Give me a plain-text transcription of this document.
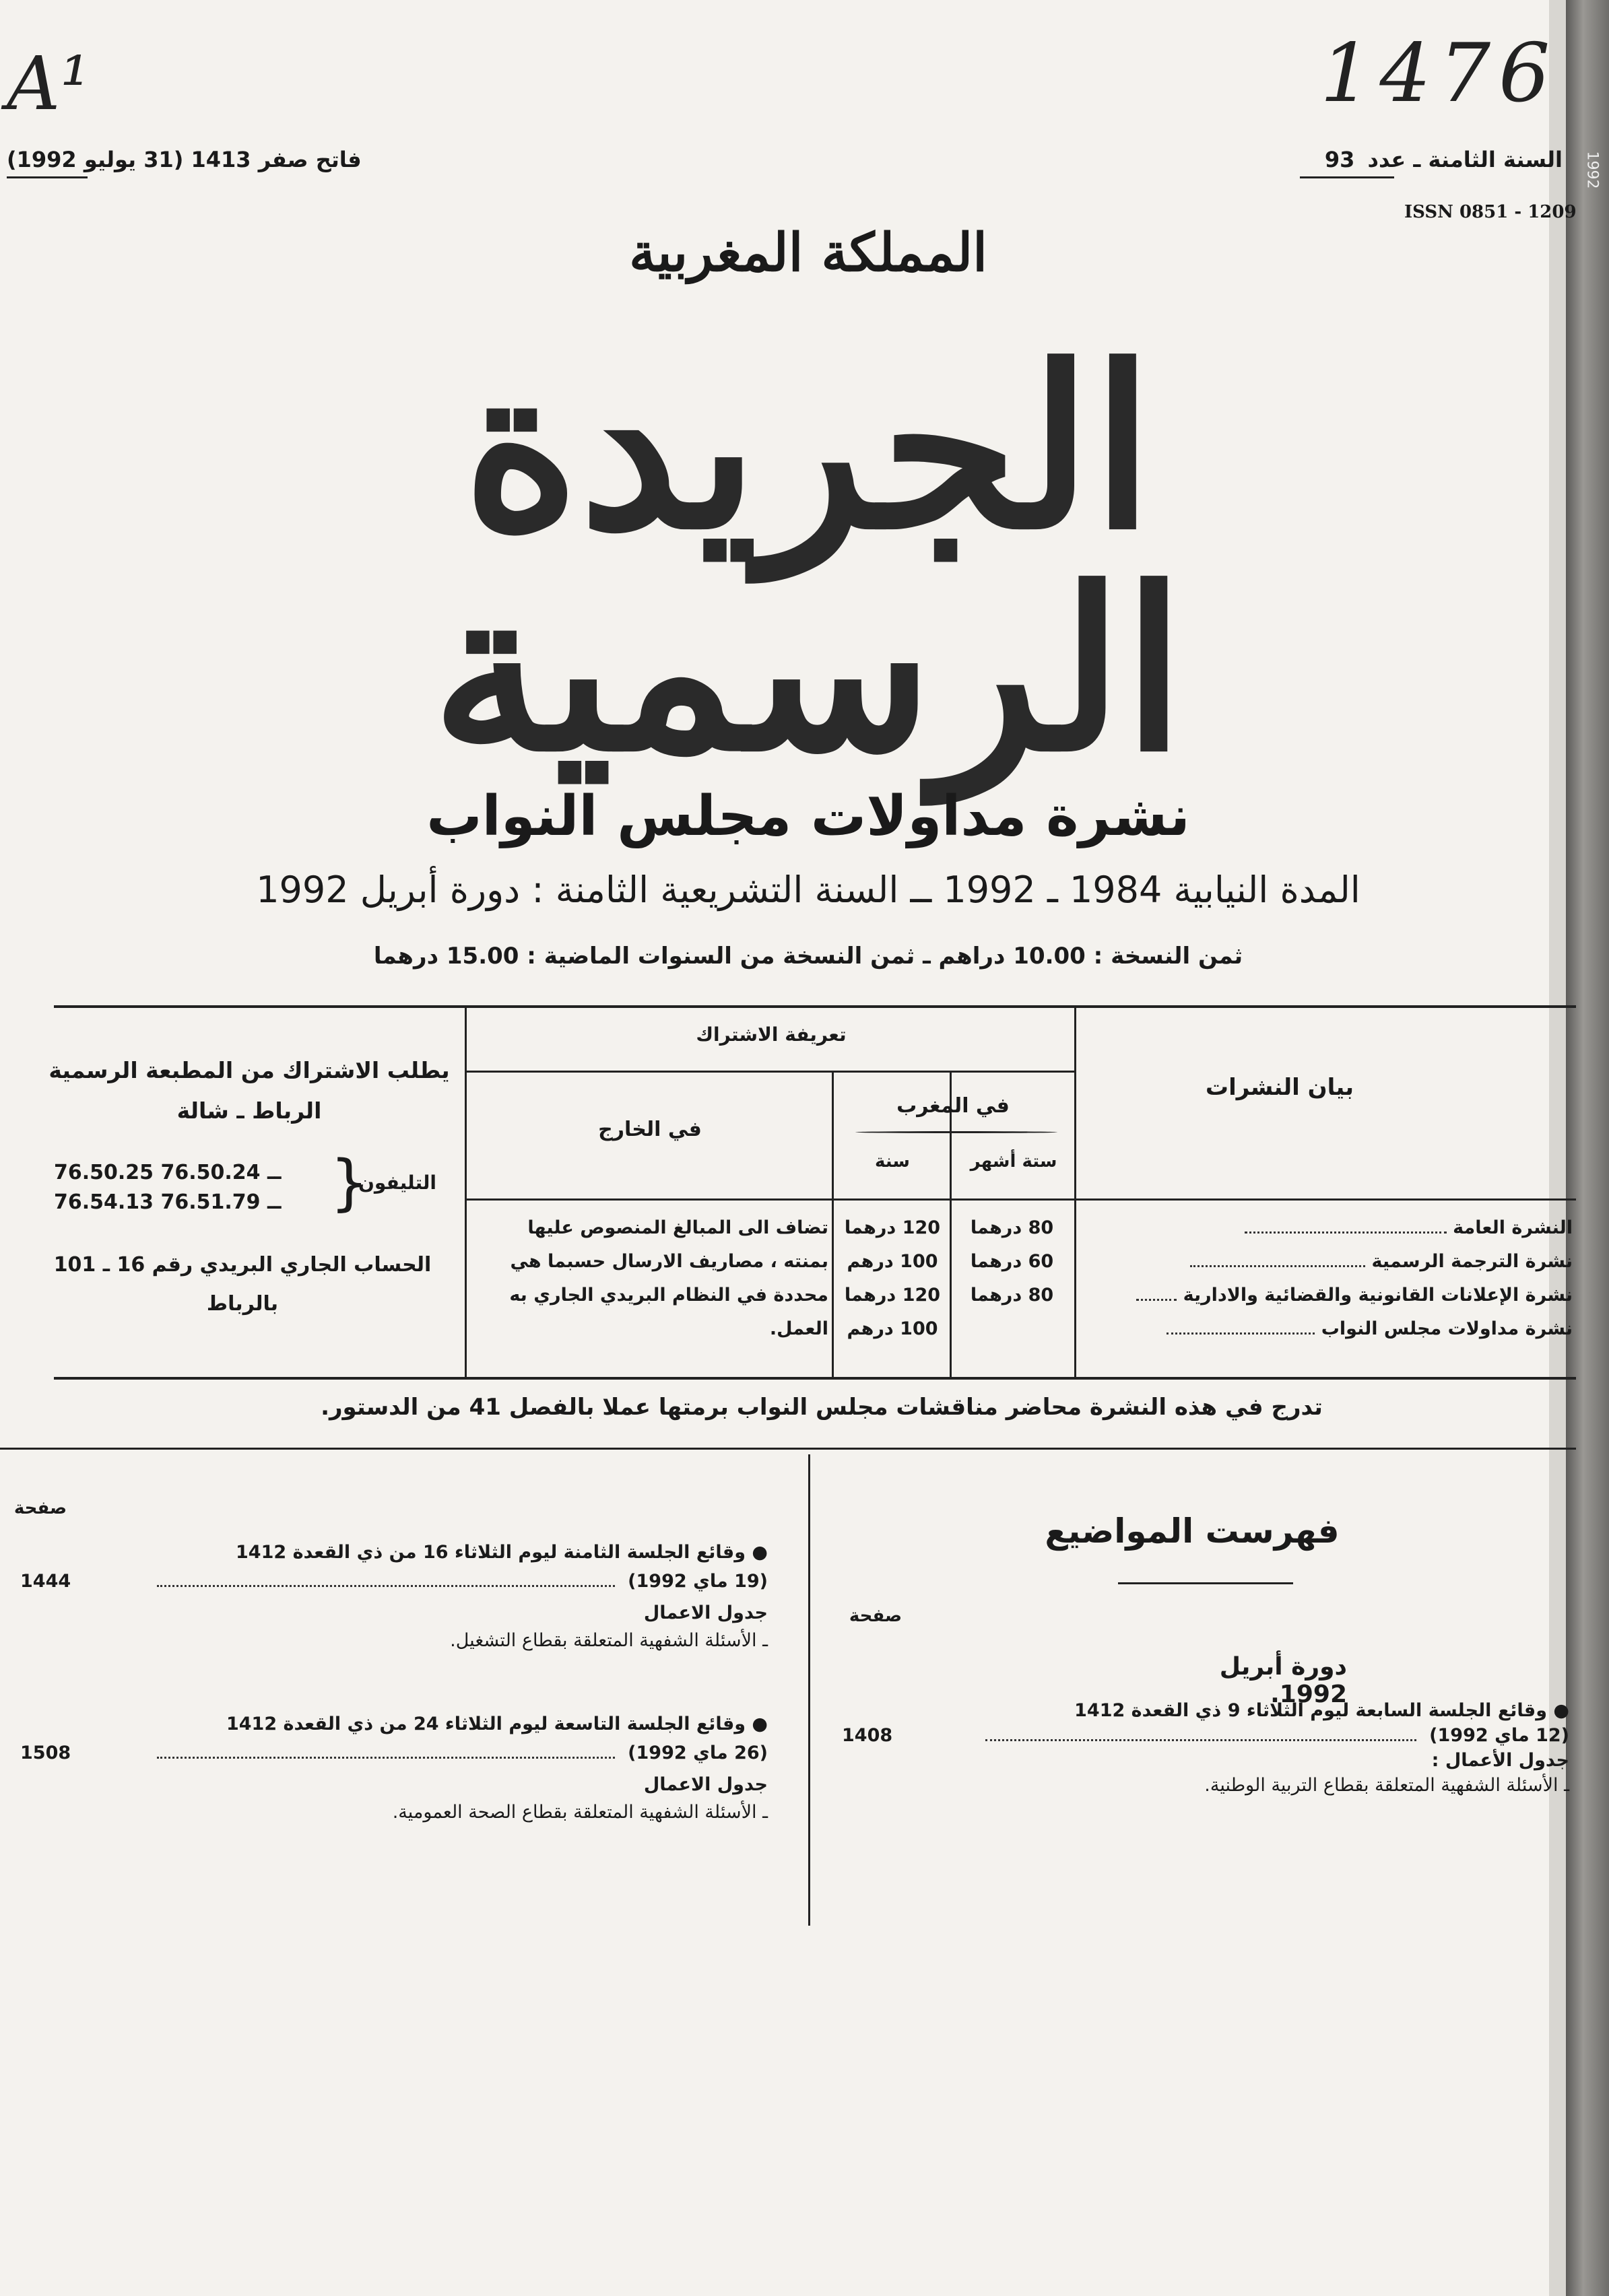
1992
A¹	1476
السنة الثامنة ـ عدد 93
فاتح صفر 1413 (31 يوليو 1992)
ISSN 0851 - 1209
المملكة المغربية
الجريدة الرسمية
نشرة مداولات مجلس النواب
المدة النيابية 1984 ـ 1992 ــ السنة التشريعية الثامنة : دورة أبريل 1992
ثمن النسخة : 10.00 دراهم ـ ثمن النسخة من السنوات الماضية : 15.00 درهما
بيان النشرات
تعريفة الاشتراك
في المغرب
ستة أشهر
سنة
في الخارج
النشرة العامة
نشرة الترجمة الرسمية
نشرة الإعلانات القانونية والقضائية والادارية
نشرة مداولات مجلس النواب
80 درهما
60 درهما
80 درهما
120 درهما
100 درهم
120 درهما
100 درهم
تضاف الى المبالغ المنصوص عليها
بمنته ، مصاريف الارسال حسبما هي
محددة في النظام البريدي الجاري به
العمل.
يطلب الاشتراك من المطبعة الرسمية
الرباط ـ شالة
76.50.25 ــ 76.50.24
76.54.13 ــ 76.51.79 }
التليفون
الحساب الجاري البريدي رقم 16 ـ 101
بالرباط
تدرج في هذه النشرة محاضر مناقشات مجلس النواب برمتها عملا بالفصل 41 من الدستور.
فهرست المواضيع
صفحة
دورة أبريل 1992.
● وقائع الجلسة السابعة ليوم الثلاثاء 9 ذي القعدة 1412
(12 ماي 1992)
1408
جدول الأعمال :
ـ الأسئلة الشفهية المتعلقة بقطاع التربية الوطنية.
صفحة
● وقائع الجلسة الثامنة ليوم الثلاثاء 16 من ذي القعدة 1412
(19 ماي 1992)
1444
جدول الاعمال
ـ الأسئلة الشفهية المتعلقة بقطاع التشغيل.
● وقائع الجلسة التاسعة ليوم الثلاثاء 24 من ذي القعدة 1412
(26 ماي 1992)
1508
جدول الاعمال
ـ الأسئلة الشفهية المتعلقة بقطاع الصحة العمومية.
